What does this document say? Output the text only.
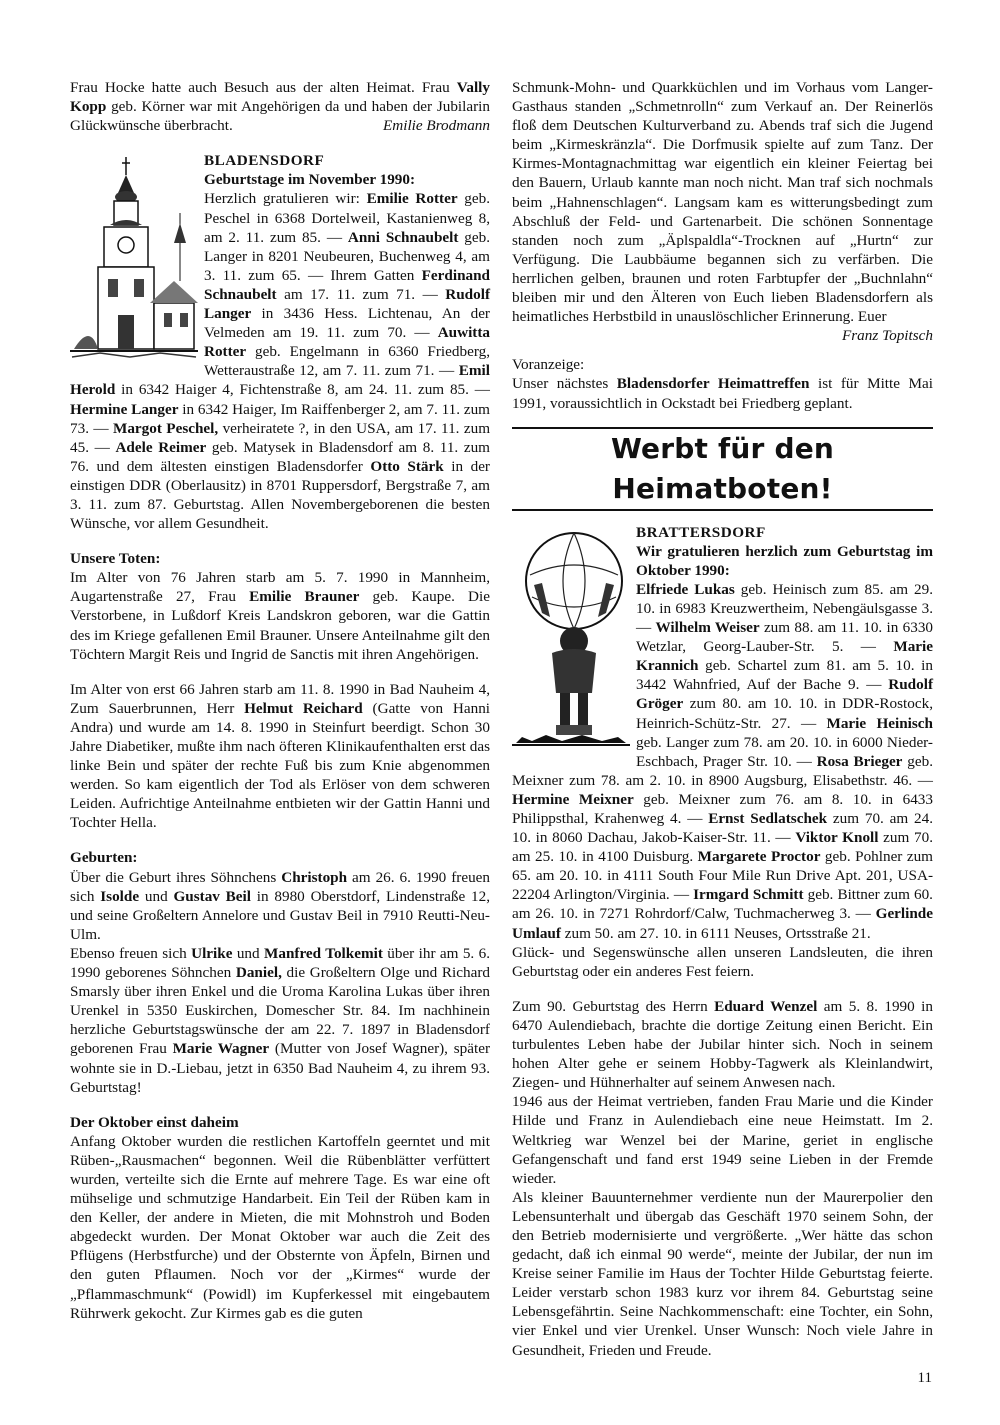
Frau Hocke hatte auch Besuch aus der alten Heimat. Frau Vally Kopp geb. Körner war mit Angehörigen da und haben der Jubilarin Glückwünsche überbracht.	Emilie Brodmann

BLADENSDORF

Geburtstage im November 1990:

Herzlich gratulieren wir: Emilie Rotter geb. Peschel in 6368 Dortelweil, Kastanienweg 8, am 2. 11. zum 85. — Anni Schnaubelt geb. Langer in 8201 Neubeuren, Buchenweg 4, am 3. 11. zum 65. — Ihrem Gatten Ferdinand Schnaubelt am 17. 11. zum 71. — Rudolf Langer in 3436 Hess. Lichtenau, An der Velmeden am 19. 11. zum 70. — Auwitta Rotter geb. Engelmann in 6360 Friedberg, Wetteraustraße 12, am 7. 11. zum 71. — Emil Herold in 6342 Haiger 4, Fichtenstraße 8, am 24. 11. zum 85. — Hermine Langer in 6342 Haiger, Im Raiffenberger 2, am 7. 11. zum 73. — Margot Peschel, verheiratete ?, in den USA, am 17. 11. zum 45. — Adele Reimer geb. Matysek in Bladensdorf am 8. 11. zum 76. und dem ältesten einstigen Bladensdorfer Otto Stärk in der einstigen DDR (Oberlausitz) in 8701 Ruppersdorf, Bergstraße 7, am 3. 11. zum 87. Geburtstag. Allen Novembergeborenen die besten Wünsche, vor allem Gesundheit.

Unsere Toten:

Im Alter von 76 Jahren starb am 5. 7. 1990 in Mannheim, Augartenstraße 27, Frau Emilie Brauner geb. Kaupe. Die Verstorbene, in Lußdorf Kreis Landskron geboren, war die Gattin des im Kriege gefallenen Emil Brauner. Unsere Anteilnahme gilt den Töchtern Margit Reis und Ingrid de Sanctis mit ihren Angehörigen.

Im Alter von erst 66 Jahren starb am 11. 8. 1990 in Bad Nauheim 4, Zum Sauerbrunnen, Herr Helmut Reichard (Gatte von Hanni Andra) und wurde am 14. 8. 1990 in Steinfurt beerdigt. Schon 30 Jahre Diabetiker, mußte ihm nach öfteren Klinikaufenthalten erst das linke Bein und später der rechte Fuß bis zum Knie abgenommen werden. So kam eigentlich der Tod als Erlöser von dem schweren Leiden. Aufrichtige Anteilnahme entbieten wir der Gattin Hanni und Tochter Hella.

Geburten:

Über die Geburt ihres Söhnchens Christoph am 26. 6. 1990 freuen sich Isolde und Gustav Beil in 8980 Oberstdorf, Lindenstraße 12, und seine Großeltern Annelore und Gustav Beil in 7910 Reutti-Neu-Ulm.

Ebenso freuen sich Ulrike und Manfred Tolkemit über ihr am 5. 6. 1990 geborenes Söhnchen Daniel, die Großeltern Olge und Richard Smarsly über ihren Enkel und die Uroma Karolina Lukas über ihren Urenkel in 5350 Euskirchen, Domescher Str. 84. Im nachhinein herzliche Geburtstagswünsche der am 22. 7. 1897 in Bladensdorf geborenen Frau Marie Wagner (Mutter von Josef Wagner), später wohnte sie in D.-Liebau, jetzt in 6350 Bad Nauheim 4, zu ihrem 93. Geburtstag!

Der Oktober einst daheim

Anfang Oktober wurden die restlichen Kartoffeln geerntet und mit Rüben-„Rausmachen“ begonnen. Weil die Rübenblätter verfüttert wurden, verteilte sich die Ernte auf mehrere Tage. Es war eine oft mühselige und schmutzige Handarbeit. Ein Teil der Rüben kam in den Keller, der andere in Mieten, die mit Mohnstroh und Boden abgedeckt wurden. Der Monat Oktober war auch die Zeit des Pflügens (Herbstfurche) und der Obsternte von Äpfeln, Birnen und den guten Pflaumen. Noch vor der „Kirmes“ wurde der „Pflammaschmunk“ (Powidl) im Kupferkessel mit eingebautem Rührwerk gekocht. Zur Kirmes gab es die guten

Schmunk-Mohn- und Quarkküchlen und im Vorhaus vom Langer-Gasthaus standen „Schmetnrolln“ zum Verkauf an. Der Reinerlös floß dem Deutschen Kulturverband zu. Abends traf sich die Jugend beim „Kirmeskränzla“. Die Dorfmusik spielte auf zum Tanz. Der Kirmes-Montagnachmittag war eigentlich ein kleiner Feiertag bei den Bauern, Urlaub kannte man noch nicht. Man traf sich nochmals beim „Hahnenschlagen“. Langsam kam es witterungsbedingt zum Abschluß der Feld- und Gartenarbeit. Die schönen Sonnentage standen noch zum „Äplspaldla“-Trocknen auf „Hurtn“ zur Verfügung. Die Laubbäume begannen sich zu verfärben. Die herrlichen gelben, braunen und roten Farbtupfer der „Buchnlahn“ bleiben mir und den Älteren von Euch lieben Bladensdorfern als heimatliches Herbstbild in unauslöschlicher Erinnerung. Euer
Franz Topitsch

Voranzeige:

Unser nächstes Bladensdorfer Heimattreffen ist für Mitte Mai 1991, voraussichtlich in Ockstadt bei Friedberg geplant.

Werbt für den Heimatboten!

BRATTERSDORF

Wir gratulieren herzlich zum Geburtstag im Oktober 1990:

Elfriede Lukas geb. Heinisch zum 85. am 29. 10. in 6983 Kreuzwertheim, Nebengäulsgasse 3. — Wilhelm Weiser zum 88. am 11. 10. in 6330 Wetzlar, Georg-Lauber-Str. 5. — Marie Krannich geb. Schartel zum 81. am 5. 10. in 3442 Wahnfried, Auf der Bache 9. — Rudolf Gröger zum 80. am 10. 10. in DDR-Rostock, Heinrich-Schütz-Str. 27. — Marie Heinisch geb. Langer zum 78. am 20. 10. in 6000 Nieder-Eschbach, Prager Str. 10. — Rosa Brieger geb. Meixner zum 78. am 2. 10. in 8900 Augsburg, Elisabethstr. 46. — Hermine Meixner geb. Meixner zum 76. am 8. 10. in 6433 Philippsthal, Krahenweg 4. — Ernst Sedlatschek zum 70. am 24. 10. in 8060 Dachau, Jakob-Kaiser-Str. 11. — Viktor Knoll zum 70. am 25. 10. in 4100 Duisburg. Margarete Proctor geb. Pohlner zum 65. am 20. 10. in 4111 South Four Mile Run Drive Apt. 201, USA-22204 Arlington/Virginia. — Irmgard Schmitt geb. Bittner zum 60. am 26. 10. in 7271 Rohrdorf/Calw, Tuchmacherweg 3. — Gerlinde Umlauf zum 50. am 27. 10. in 6111 Neuses, Ortsstraße 21.

Glück- und Segenswünsche allen unseren Landsleuten, die ihren Geburtstag oder ein anderes Fest feiern.

Zum 90. Geburtstag des Herrn Eduard Wenzel am 5. 8. 1990 in 6470 Aulendiebach, brachte die dortige Zeitung einen Bericht. Ein turbulentes Leben habe der Jubilar hinter sich. Noch in seinem hohen Alter gehe er seinem Hobby-Tagwerk als Kleinlandwirt, Ziegen- und Hühnerhalter auf seinem Anwesen nach.

1946 aus der Heimat vertrieben, fanden Frau Marie und die Kinder Hilde und Franz in Aulendiebach eine neue Heimstatt. Im 2. Weltkrieg war Wenzel bei der Marine, geriet in englische Gefangenschaft und fand erst 1949 seine Lieben in der Fremde wieder.

Als kleiner Bauunternehmer verdiente nun der Maurerpolier den Lebensunterhalt und übergab das Geschäft 1970 seinem Sohn, der den Betrieb modernisierte und vergrößerte. „Wer hätte das schon gedacht, daß ich einmal 90 werde“, meinte der Jubilar, der nun im Kreise seiner Familie im Haus der Tochter Hilde Geburtstag feierte. Leider verstarb schon 1983 kurz vor ihrem 84. Geburtstag seine Lebensgefährtin. Seine Nachkommenschaft: eine Tochter, ein Sohn, vier Enkel und vier Urenkel. Unser Wunsch: Noch viele Jahre in Gesundheit, Frieden und Freude.

11
